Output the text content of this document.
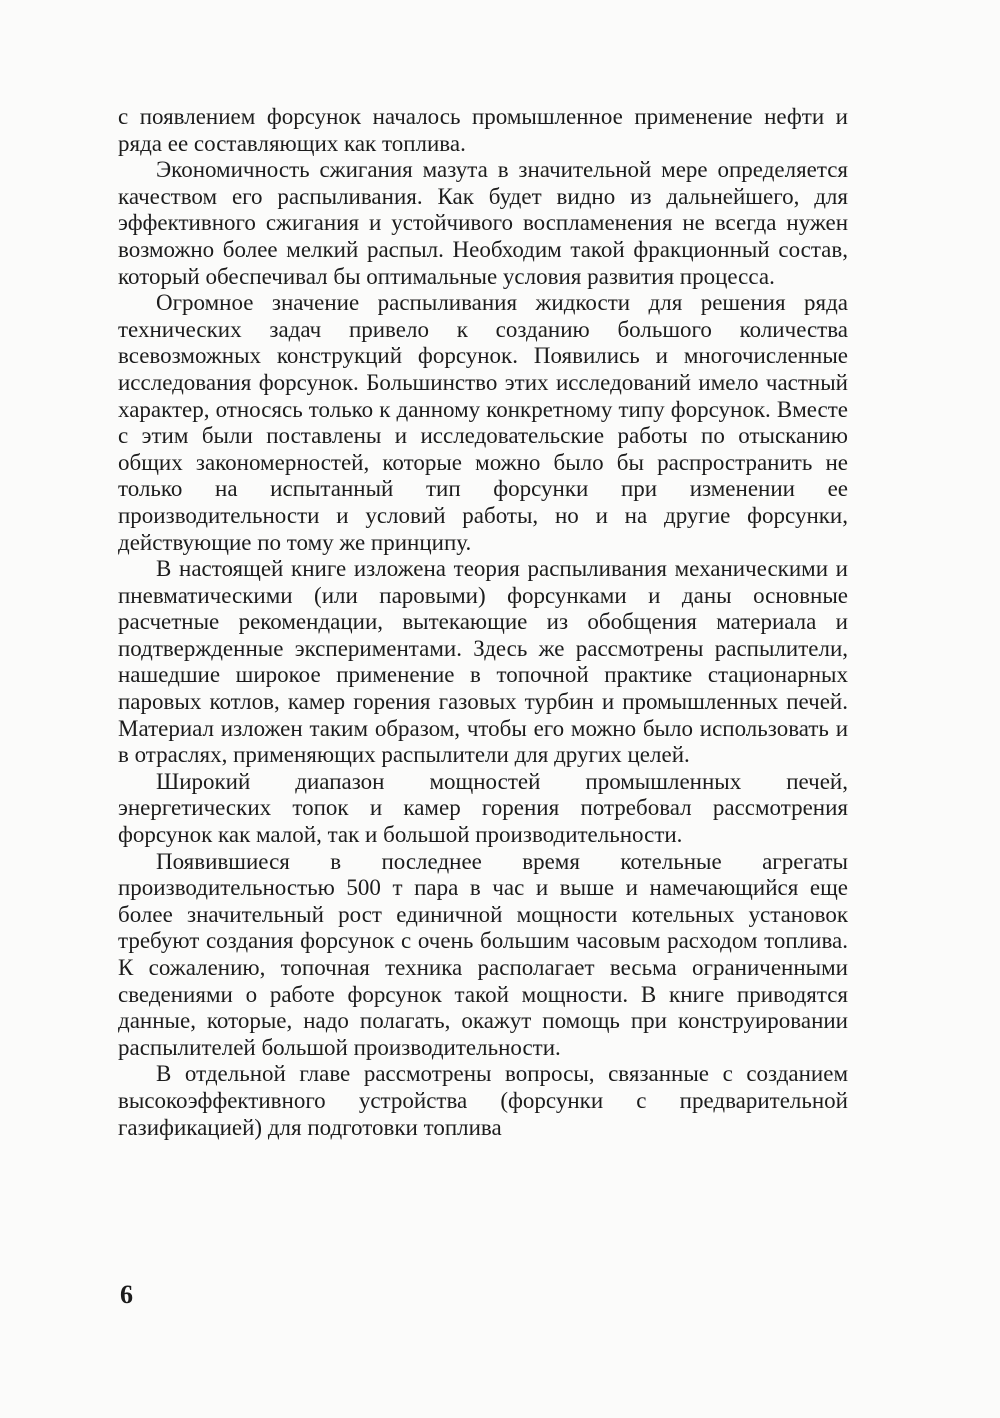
с появлением форсунок началось промышленное применение нефти и ряда ее составляющих как топлива.

Экономичность сжигания мазута в значительной мере определяется качеством его распыливания. Как будет видно из дальнейшего, для эффективного сжигания и устойчивого воспламенения не всегда нужен возможно более мелкий распыл. Необходим такой фракционный состав, который обеспечивал бы оптимальные условия развития процесса.

Огромное значение распыливания жидкости для решения ряда технических задач привело к созданию большого количества всевозможных конструкций форсунок. Появились и многочисленные исследования форсунок. Большинство этих исследований имело частный характер, относясь только к данному конкретному типу форсунок. Вместе с этим были поставлены и исследовательские работы по отысканию общих закономерностей, которые можно было бы распространить не только на испытанный тип форсунки при изменении ее производительности и условий работы, но и на другие форсунки, действующие по тому же принципу.

В настоящей книге изложена теория распыливания механическими и пневматическими (или паровыми) форсунками и даны основные расчетные рекомендации, вытекающие из обобщения материала и подтвержденные экспериментами. Здесь же рассмотрены распылители, нашедшие широкое применение в топочной практике стационарных паровых котлов, камер горения газовых турбин и промышленных печей. Материал изложен таким образом, чтобы его можно было использовать и в отраслях, применяющих распылители для других целей.

Широкий диапазон мощностей промышленных печей, энергетических топок и камер горения потребовал рассмотрения форсунок как малой, так и большой производительности.

Появившиеся в последнее время котельные агрегаты производительностью 500 т пара в час и выше и намечающийся еще более значительный рост единичной мощности котельных установок требуют создания форсунок с очень большим часовым расходом топлива. К сожалению, топочная техника располагает весьма ограниченными сведениями о работе форсунок такой мощности. В книге приводятся данные, которые, надо полагать, окажут помощь при конструировании распылителей большой производительности.

В отдельной главе рассмотрены вопросы, связанные с созданием высокоэффективного устройства (форсунки с предварительной газификацией) для подготовки топлива

6
